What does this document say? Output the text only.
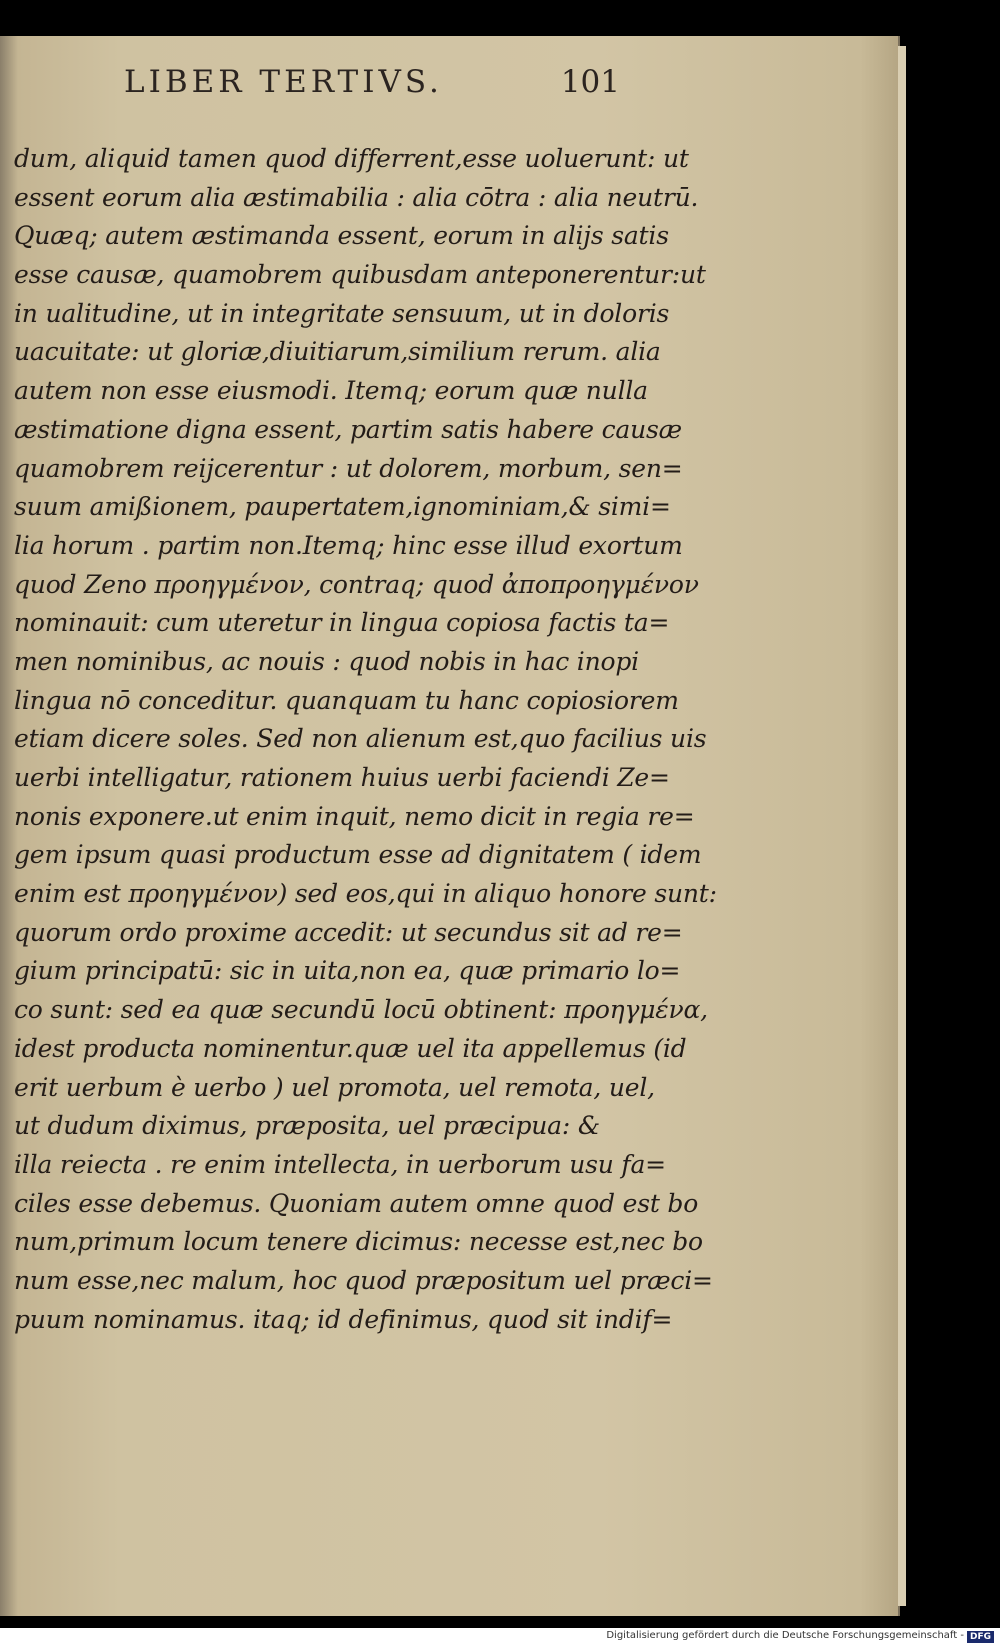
LIBER TERTIVS.	101
dum, aliquid tamen quod differrent,esse uoluerunt: ut
essent eorum alia æstimabilia : alia cōtra : alia neutrū.
Quæq; autem æstimanda essent, eorum in alijs satis
esse causæ, quamobrem quibusdam anteponerentur:ut
in ualitudine, ut in integritate sensuum, ut in doloris
uacuitate: ut gloriæ,diuitiarum,similium rerum. alia
autem non esse eiusmodi. Itemq; eorum quæ nulla
æstimatione digna essent, partim satis habere causæ
quamobrem reijcerentur : ut dolorem, morbum, sen=
suum amißionem, paupertatem,ignominiam,& simi=
lia horum . partim non.Itemq; hinc esse illud exortum
quod Zeno προηγμένον, contraq; quod ἀποπροηγμένον
nominauit: cum uteretur in lingua copiosa factis ta=
men nominibus, ac nouis : quod nobis in hac inopi
lingua nō conceditur. quanquam tu hanc copiosiorem
etiam dicere soles. Sed non alienum est,quo facilius uis
uerbi intelligatur, rationem huius uerbi faciendi Ze=
nonis exponere.ut enim inquit, nemo dicit in regia re=
gem ipsum quasi productum esse ad dignitatem ( idem
enim est προηγμένον) sed eos,qui in aliquo honore sunt:
quorum ordo proxime accedit: ut secundus sit ad re=
gium principatū: sic in uita,non ea, quæ primario lo=
co sunt: sed ea quæ secundū locū obtinent: προηγμένα,
idest producta nominentur.quæ uel ita appellemus (id
erit uerbum è uerbo ) uel promota, uel remota, uel,
ut dudum diximus, præposita, uel præcipua: &
illa reiecta . re enim intellecta, in uerborum usu fa=
ciles esse debemus. Quoniam autem omne quod est bo
num,primum locum tenere dicimus: necesse est,nec bo
num esse,nec malum, hoc quod præpositum uel præci=
puum nominamus. itaq; id definimus, quod sit indif=
Digitalisierung gefördert durch die Deutsche Forschungsgemeinschaft - DFG
